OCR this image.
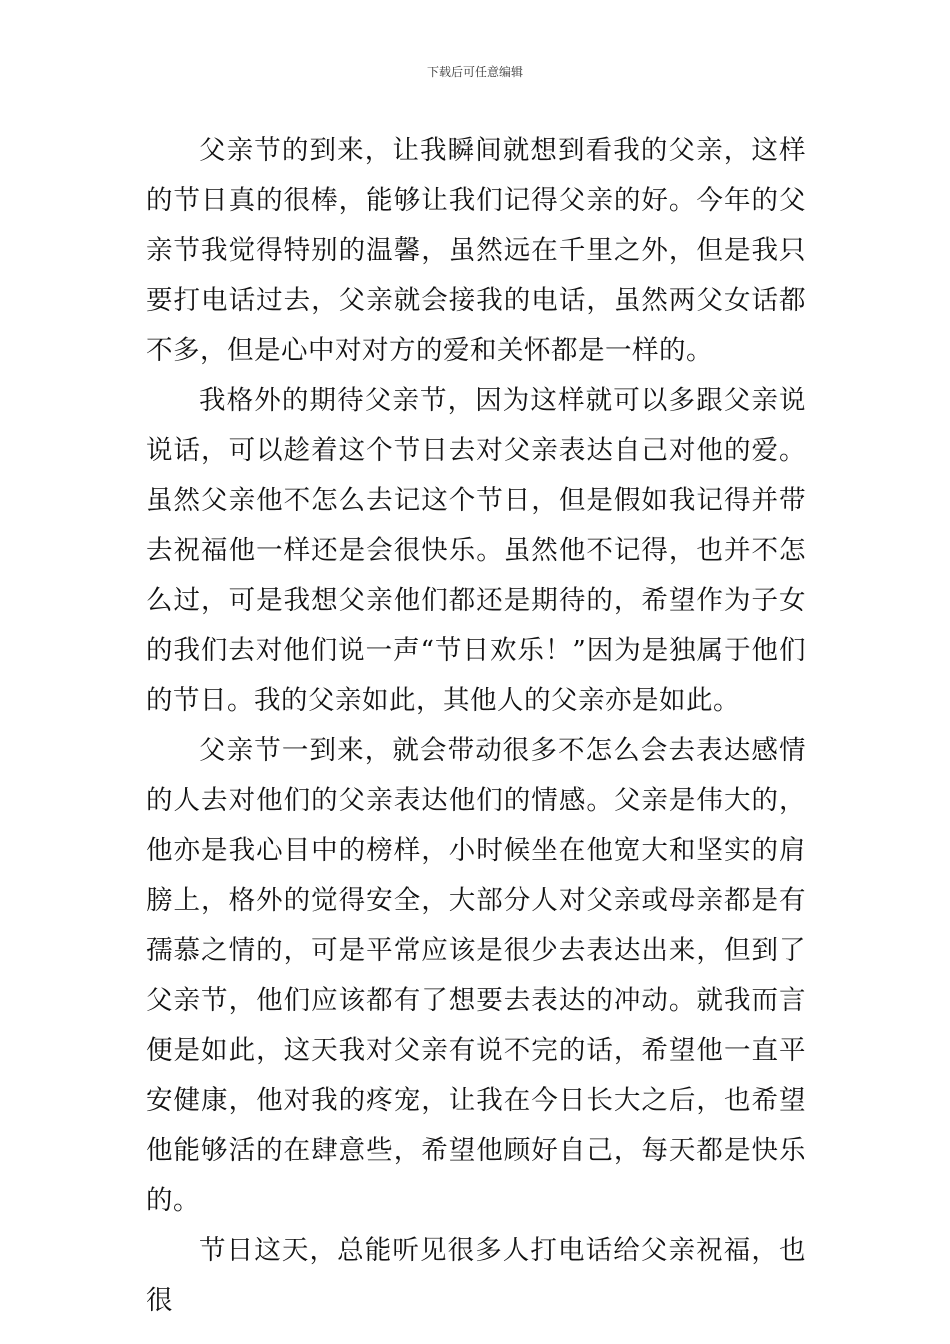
下载后可任意编辑

父亲节的到来，让我瞬间就想到看我的父亲，这样的节日真的很棒，能够让我们记得父亲的好。今年的父亲节我觉得特别的温馨，虽然远在千里之外，但是我只要打电话过去，父亲就会接我的电话，虽然两父女话都不多，但是心中对对方的爱和关怀都是一样的。

我格外的期待父亲节，因为这样就可以多跟父亲说说话，可以趁着这个节日去对父亲表达自己对他的爱。虽然父亲他不怎么去记这个节日，但是假如我记得并带去祝福他一样还是会很快乐。虽然他不记得，也并不怎么过，可是我想父亲他们都还是期待的，希望作为子女的我们去对他们说一声“节日欢乐！”因为是独属于他们的节日。我的父亲如此，其他人的父亲亦是如此。

父亲节一到来，就会带动很多不怎么会去表达感情的人去对他们的父亲表达他们的情感。父亲是伟大的，他亦是我心目中的榜样，小时候坐在他宽大和坚实的肩膀上，格外的觉得安全，大部分人对父亲或母亲都是有孺慕之情的，可是平常应该是很少去表达出来，但到了父亲节，他们应该都有了想要去表达的冲动。就我而言便是如此，这天我对父亲有说不完的话，希望他一直平安健康，他对我的疼宠，让我在今日长大之后，也希望他能够活的在肆意些，希望他顾好自己，每天都是快乐的。

节日这天，总能听见很多人打电话给父亲祝福，也很
